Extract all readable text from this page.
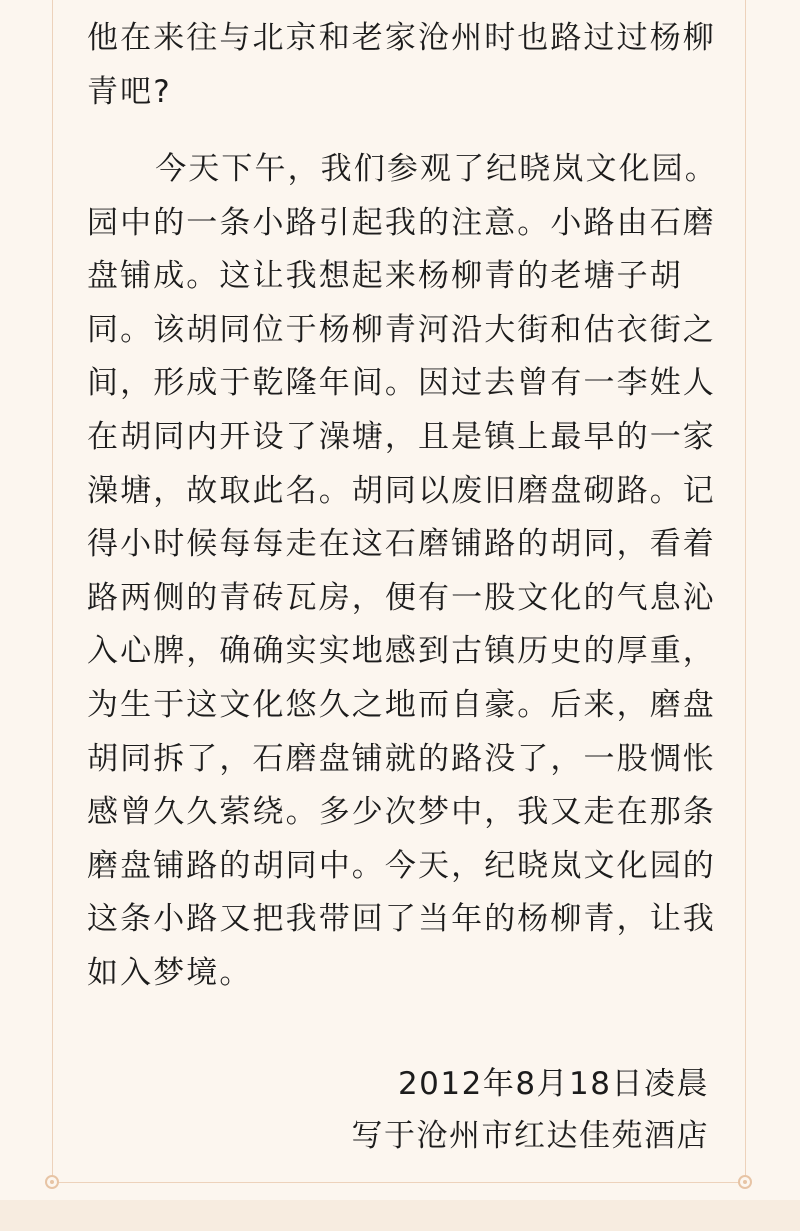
他在来往与北京和老家沧州时也路过过杨柳青吧?

今天下午，我们参观了纪晓岚文化园。园中的一条小路引起我的注意。小路由石磨盘铺成。这让我想起来杨柳青的老塘子胡同。该胡同位于杨柳青河沿大街和估衣街之间，形成于乾隆年间。因过去曾有一李姓人在胡同内开设了澡塘，且是镇上最早的一家澡塘，故取此名。胡同以废旧磨盘砌路。记得小时候每每走在这石磨铺路的胡同，看着路两侧的青砖瓦房，便有一股文化的气息沁入心脾，确确实实地感到古镇历史的厚重，为生于这文化悠久之地而自豪。后来，磨盘胡同拆了，石磨盘铺就的路没了，一股惆怅感曾久久萦绕。多少次梦中，我又走在那条磨盘铺路的胡同中。今天，纪晓岚文化园的这条小路又把我带回了当年的杨柳青，让我如入梦境。

2012年8月18日凌晨
写于沧州市红达佳苑酒店
